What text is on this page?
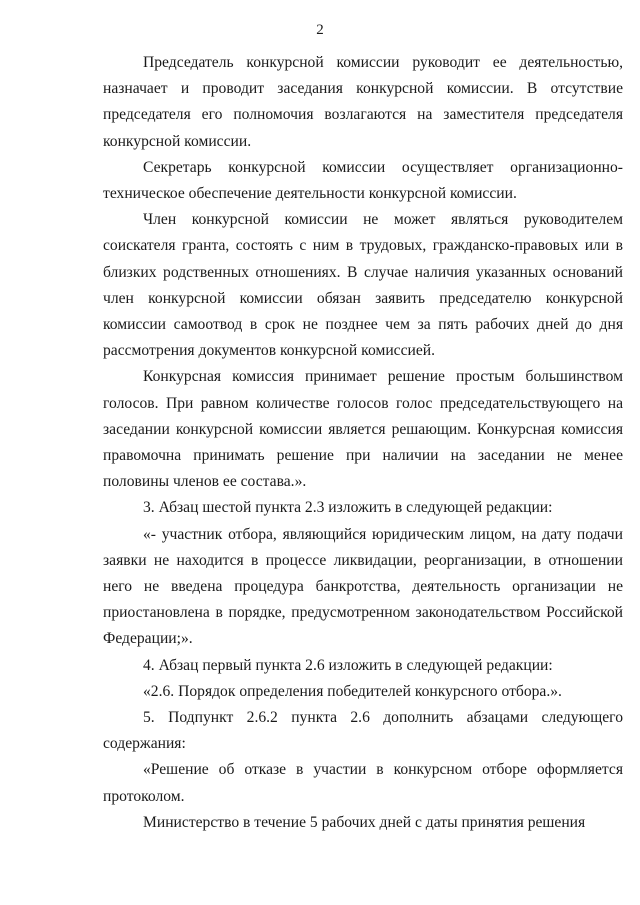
2

Председатель конкурсной комиссии руководит ее деятельностью, назначает и проводит заседания конкурсной комиссии. В отсутствие председателя его полномочия возлагаются на заместителя председателя конкурсной комиссии.

Секретарь конкурсной комиссии осуществляет организационно-техническое обеспечение деятельности конкурсной комиссии.

Член конкурсной комиссии не может являться руководителем соискателя гранта, состоять с ним в трудовых, гражданско-правовых или в близких родственных отношениях. В случае наличия указанных оснований член конкурсной комиссии обязан заявить председателю конкурсной комиссии самоотвод в срок не позднее чем за пять рабочих дней до дня рассмотрения документов конкурсной комиссией.

Конкурсная комиссия принимает решение простым большинством голосов. При равном количестве голосов голос председательствующего на заседании конкурсной комиссии является решающим. Конкурсная комиссия правомочна принимать решение при наличии на заседании не менее половины членов ее состава.».

3. Абзац шестой пункта 2.3 изложить в следующей редакции:

«- участник отбора, являющийся юридическим лицом, на дату подачи заявки не находится в процессе ликвидации, реорганизации, в отношении него не введена процедура банкротства, деятельность организации не приостановлена в порядке, предусмотренном законодательством Российской Федерации;».

4. Абзац первый пункта 2.6 изложить в следующей редакции:

«2.6. Порядок определения победителей конкурсного отбора.».

5. Подпункт 2.6.2 пункта 2.6 дополнить абзацами следующего содержания:

«Решение об отказе в участии в конкурсном отборе оформляется протоколом.

Министерство в течение 5 рабочих дней с даты принятия решения
